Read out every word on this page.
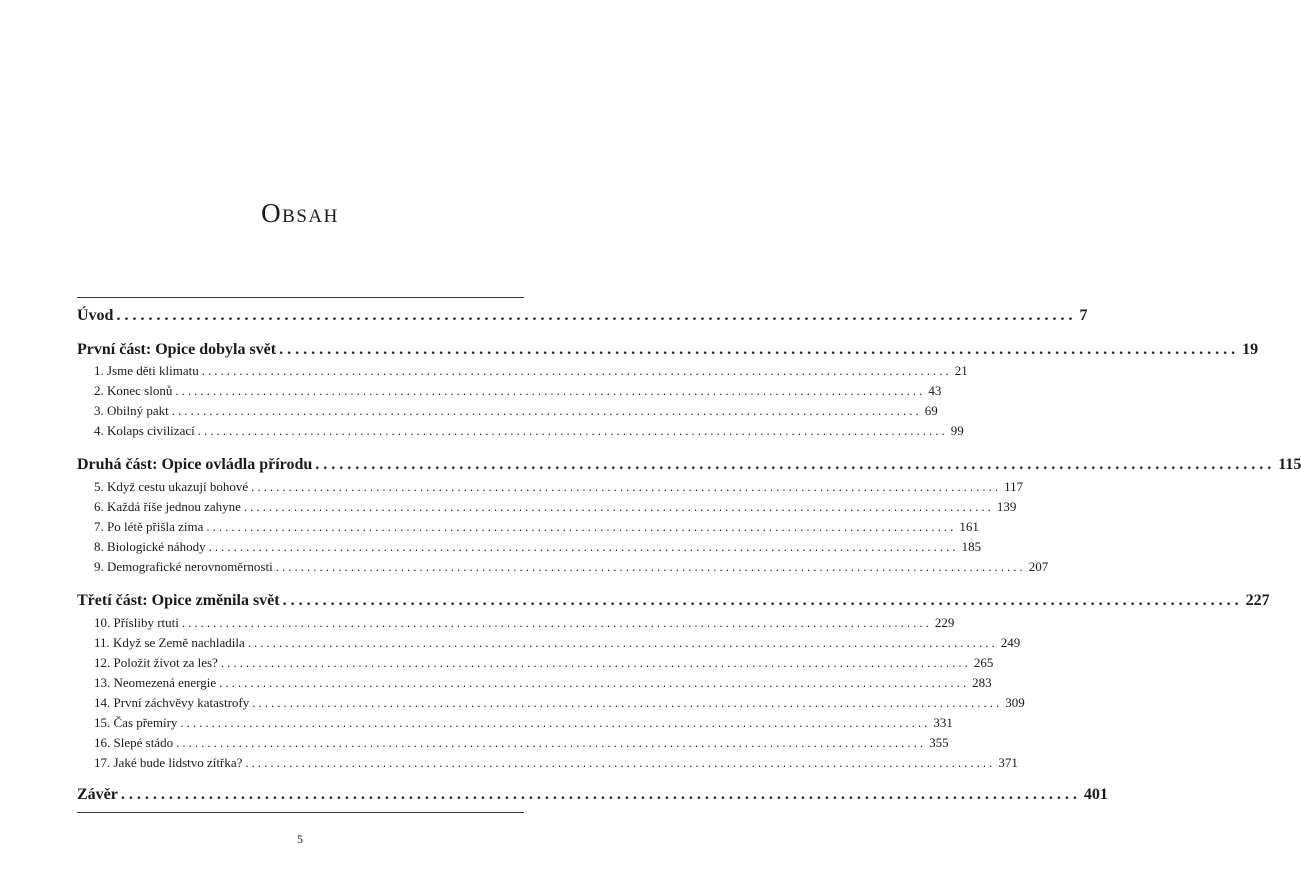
Obsah
Úvod ........................................................................................................................ 7
První část: Opice dobyla svět ........................................................................................................................ 19
1. Jsme děti klimatu ........................................................................................................................ 21
2. Konec slonů ........................................................................................................................ 43
3. Obilný pakt ........................................................................................................................ 69
4. Kolaps civilizací ........................................................................................................................ 99
Druhá část: Opice ovládla přírodu ........................................................................................................................ 115
5. Když cestu ukazují bohové ........................................................................................................................ 117
6. Každá říše jednou zahyne ........................................................................................................................ 139
7. Po létě přišla zima ........................................................................................................................ 161
8. Biologické náhody ........................................................................................................................ 185
9. Demografické nerovnoměrnosti ........................................................................................................................ 207
Třetí část: Opice změnila svět ........................................................................................................................ 227
10. Přísliby rtuti ........................................................................................................................ 229
11. Když se Země nachladila ........................................................................................................................ 249
12. Položit život za les? ........................................................................................................................ 265
13. Neomezená energie ........................................................................................................................ 283
14. První záchvěvy katastrofy ........................................................................................................................ 309
15. Čas přemíry ........................................................................................................................ 331
16. Slepé stádo ........................................................................................................................ 355
17. Jaké bude lidstvo zítřka? ........................................................................................................................ 371
Závěr ........................................................................................................................ 401
5
